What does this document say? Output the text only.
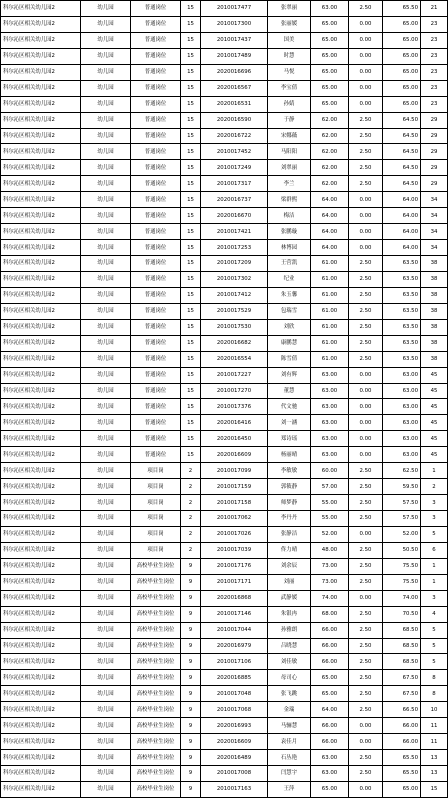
科尔沁区相关幼儿园2	幼儿园	普通岗位	15	2010017477	张翠丽	63.00	2.50	65.50	21
科尔沁区相关幼儿园2	幼儿园	普通岗位	15	2010017300	张丽媛	65.00	0.00	65.00	23
科尔沁区相关幼儿园2	幼儿园	普通岗位	15	2010017437	国美	65.00	0.00	65.00	23
科尔沁区相关幼儿园2	幼儿园	普通岗位	15	2010017489	时慧	65.00	0.00	65.00	23
科尔沁区相关幼儿园2	幼儿园	普通岗位	15	2020016696	马悦	65.00	0.00	65.00	23
科尔沁区相关幼儿园2	幼儿园	普通岗位	15	2020016567	李宝倩	65.00	0.00	65.00	23
科尔沁区相关幼儿园2	幼儿园	普通岗位	15	2020016531	孙婧	65.00	0.00	65.00	23
科尔沁区相关幼儿园2	幼儿园	普通岗位	15	2020016590	于静	62.00	2.50	64.50	29
科尔沁区相关幼儿园2	幼儿园	普通岗位	15	2020016722	宋娜薇	62.00	2.50	64.50	29
科尔沁区相关幼儿园2	幼儿园	普通岗位	15	2010017452	马阳阳	62.00	2.50	64.50	29
科尔沁区相关幼儿园2	幼儿园	普通岗位	15	2010017249	刘翠丽	62.00	2.50	64.50	29
科尔沁区相关幼儿园2	幼儿园	普通岗位	15	2010017317	李兰	62.00	2.50	64.50	29
科尔沁区相关幼儿园2	幼儿园	普通岗位	15	2020016737	梁群熙	64.00	0.00	64.00	34
科尔沁区相关幼儿园2	幼儿园	普通岗位	15	2020016670	梅洁	64.00	0.00	64.00	34
科尔沁区相关幼儿园2	幼儿园	普通岗位	15	2010017421	张鹏璇	64.00	0.00	64.00	34
科尔沁区相关幼儿园2	幼儿园	普通岗位	15	2010017253	林博园	64.00	0.00	64.00	34
科尔沁区相关幼儿园2	幼儿园	普通岗位	15	2010017209	王营凯	61.00	2.50	63.50	38
科尔沁区相关幼儿园2	幼儿园	普通岗位	15	2010017302	纪业	61.00	2.50	63.50	38
科尔沁区相关幼儿园2	幼儿园	普通岗位	15	2010017412	朱玉馨	61.00	2.50	63.50	38
科尔沁区相关幼儿园2	幼儿园	普通岗位	15	2010017529	包瑞雪	61.00	2.50	63.50	38
科尔沁区相关幼儿园2	幼儿园	普通岗位	15	2010017530	刘欣	61.00	2.50	63.50	38
科尔沁区相关幼儿园2	幼儿园	普通岗位	15	2020016682	康鹏慧	61.00	2.50	63.50	38
科尔沁区相关幼儿园2	幼儿园	普通岗位	15	2020016554	陈雪倩	61.00	2.50	63.50	38
科尔沁区相关幼儿园2	幼儿园	普通岗位	15	2010017227	刘有辉	63.00	0.00	63.00	45
科尔沁区相关幼儿园2	幼儿园	普通岗位	15	2010017270	董慧	63.00	0.00	63.00	45
科尔沁区相关幼儿园2	幼儿园	普通岗位	15	2010017376	代文驰	63.00	0.00	63.00	45
科尔沁区相关幼儿园2	幼儿园	普通岗位	15	2020016416	刘一涵	63.00	0.00	63.00	45
科尔沁区相关幼儿园2	幼儿园	普通岗位	15	2020016450	郑诗瑶	63.00	0.00	63.00	45
科尔沁区相关幼儿园2	幼儿园	普通岗位	15	2020016609	杨丽晴	63.00	0.00	63.00	45
科尔沁区相关幼儿园2	幼儿园	项目岗	2	2010017099	李敏敏	60.00	2.50	62.50	1
科尔沁区相关幼儿园2	幼儿园	项目岗	2	2010017159	郭筱静	57.00	2.50	59.50	2
科尔沁区相关幼儿园2	幼儿园	项目岗	2	2010017158	师梦静	55.00	2.50	57.50	3
科尔沁区相关幼儿园2	幼儿园	项目岗	2	2010017062	李丹丹	55.00	2.50	57.50	3
科尔沁区相关幼儿园2	幼儿园	项目岗	2	2010017026	张静洁	52.00	0.00	52.00	5
科尔沁区相关幼儿园2	幼儿园	项目岗	2	2010017039	佟力晴	48.00	2.50	50.50	6
科尔沁区相关幼儿园2	幼儿园	高校毕业生岗位	9	2010017176	刘余辰	73.00	2.50	75.50	1
科尔沁区相关幼儿园2	幼儿园	高校毕业生岗位	9	2010017171	刘丽	73.00	2.50	75.50	1
科尔沁区相关幼儿园2	幼儿园	高校毕业生岗位	9	2020016868	武静媛	74.00	0.00	74.00	3
科尔沁区相关幼儿园2	幼儿园	高校毕业生岗位	9	2010017146	朱银冉	68.00	2.50	70.50	4
科尔沁区相关幼儿园2	幼儿园	高校毕业生岗位	9	2010017044	孙雅朗	66.00	2.50	68.50	5
科尔沁区相关幼儿园2	幼儿园	高校毕业生岗位	9	2020016979	吕晓慧	66.00	2.50	68.50	5
科尔沁区相关幼儿园2	幼儿园	高校毕业生岗位	9	2010017106	刘佳敏	66.00	2.50	68.50	5
科尔沁区相关幼儿园2	幼儿园	高校毕业生岗位	9	2020016885	母司心	65.00	2.50	67.50	8
科尔沁区相关幼儿园2	幼儿园	高校毕业生岗位	9	2010017048	张飞跳	65.00	2.50	67.50	8
科尔沁区相关幼儿园2	幼儿园	高校毕业生岗位	9	2010017068	金瑞	64.00	2.50	66.50	10
科尔沁区相关幼儿园2	幼儿园	高校毕业生岗位	9	2020016993	马骊慧	66.00	0.00	66.00	11
科尔沁区相关幼儿园2	幼儿园	高校毕业生岗位	9	2020016609	袁佳月	66.00	0.00	66.00	11
科尔沁区相关幼儿园2	幼儿园	高校毕业生岗位	9	2020016489	石丛艳	63.00	2.50	65.50	13
科尔沁区相关幼儿园2	幼儿园	高校毕业生岗位	9	2010017008	闫慧宇	63.00	2.50	65.50	13
科尔沁区相关幼儿园2	幼儿园	高校毕业生岗位	9	2010017163	王萍	65.00	0.00	65.00	15
